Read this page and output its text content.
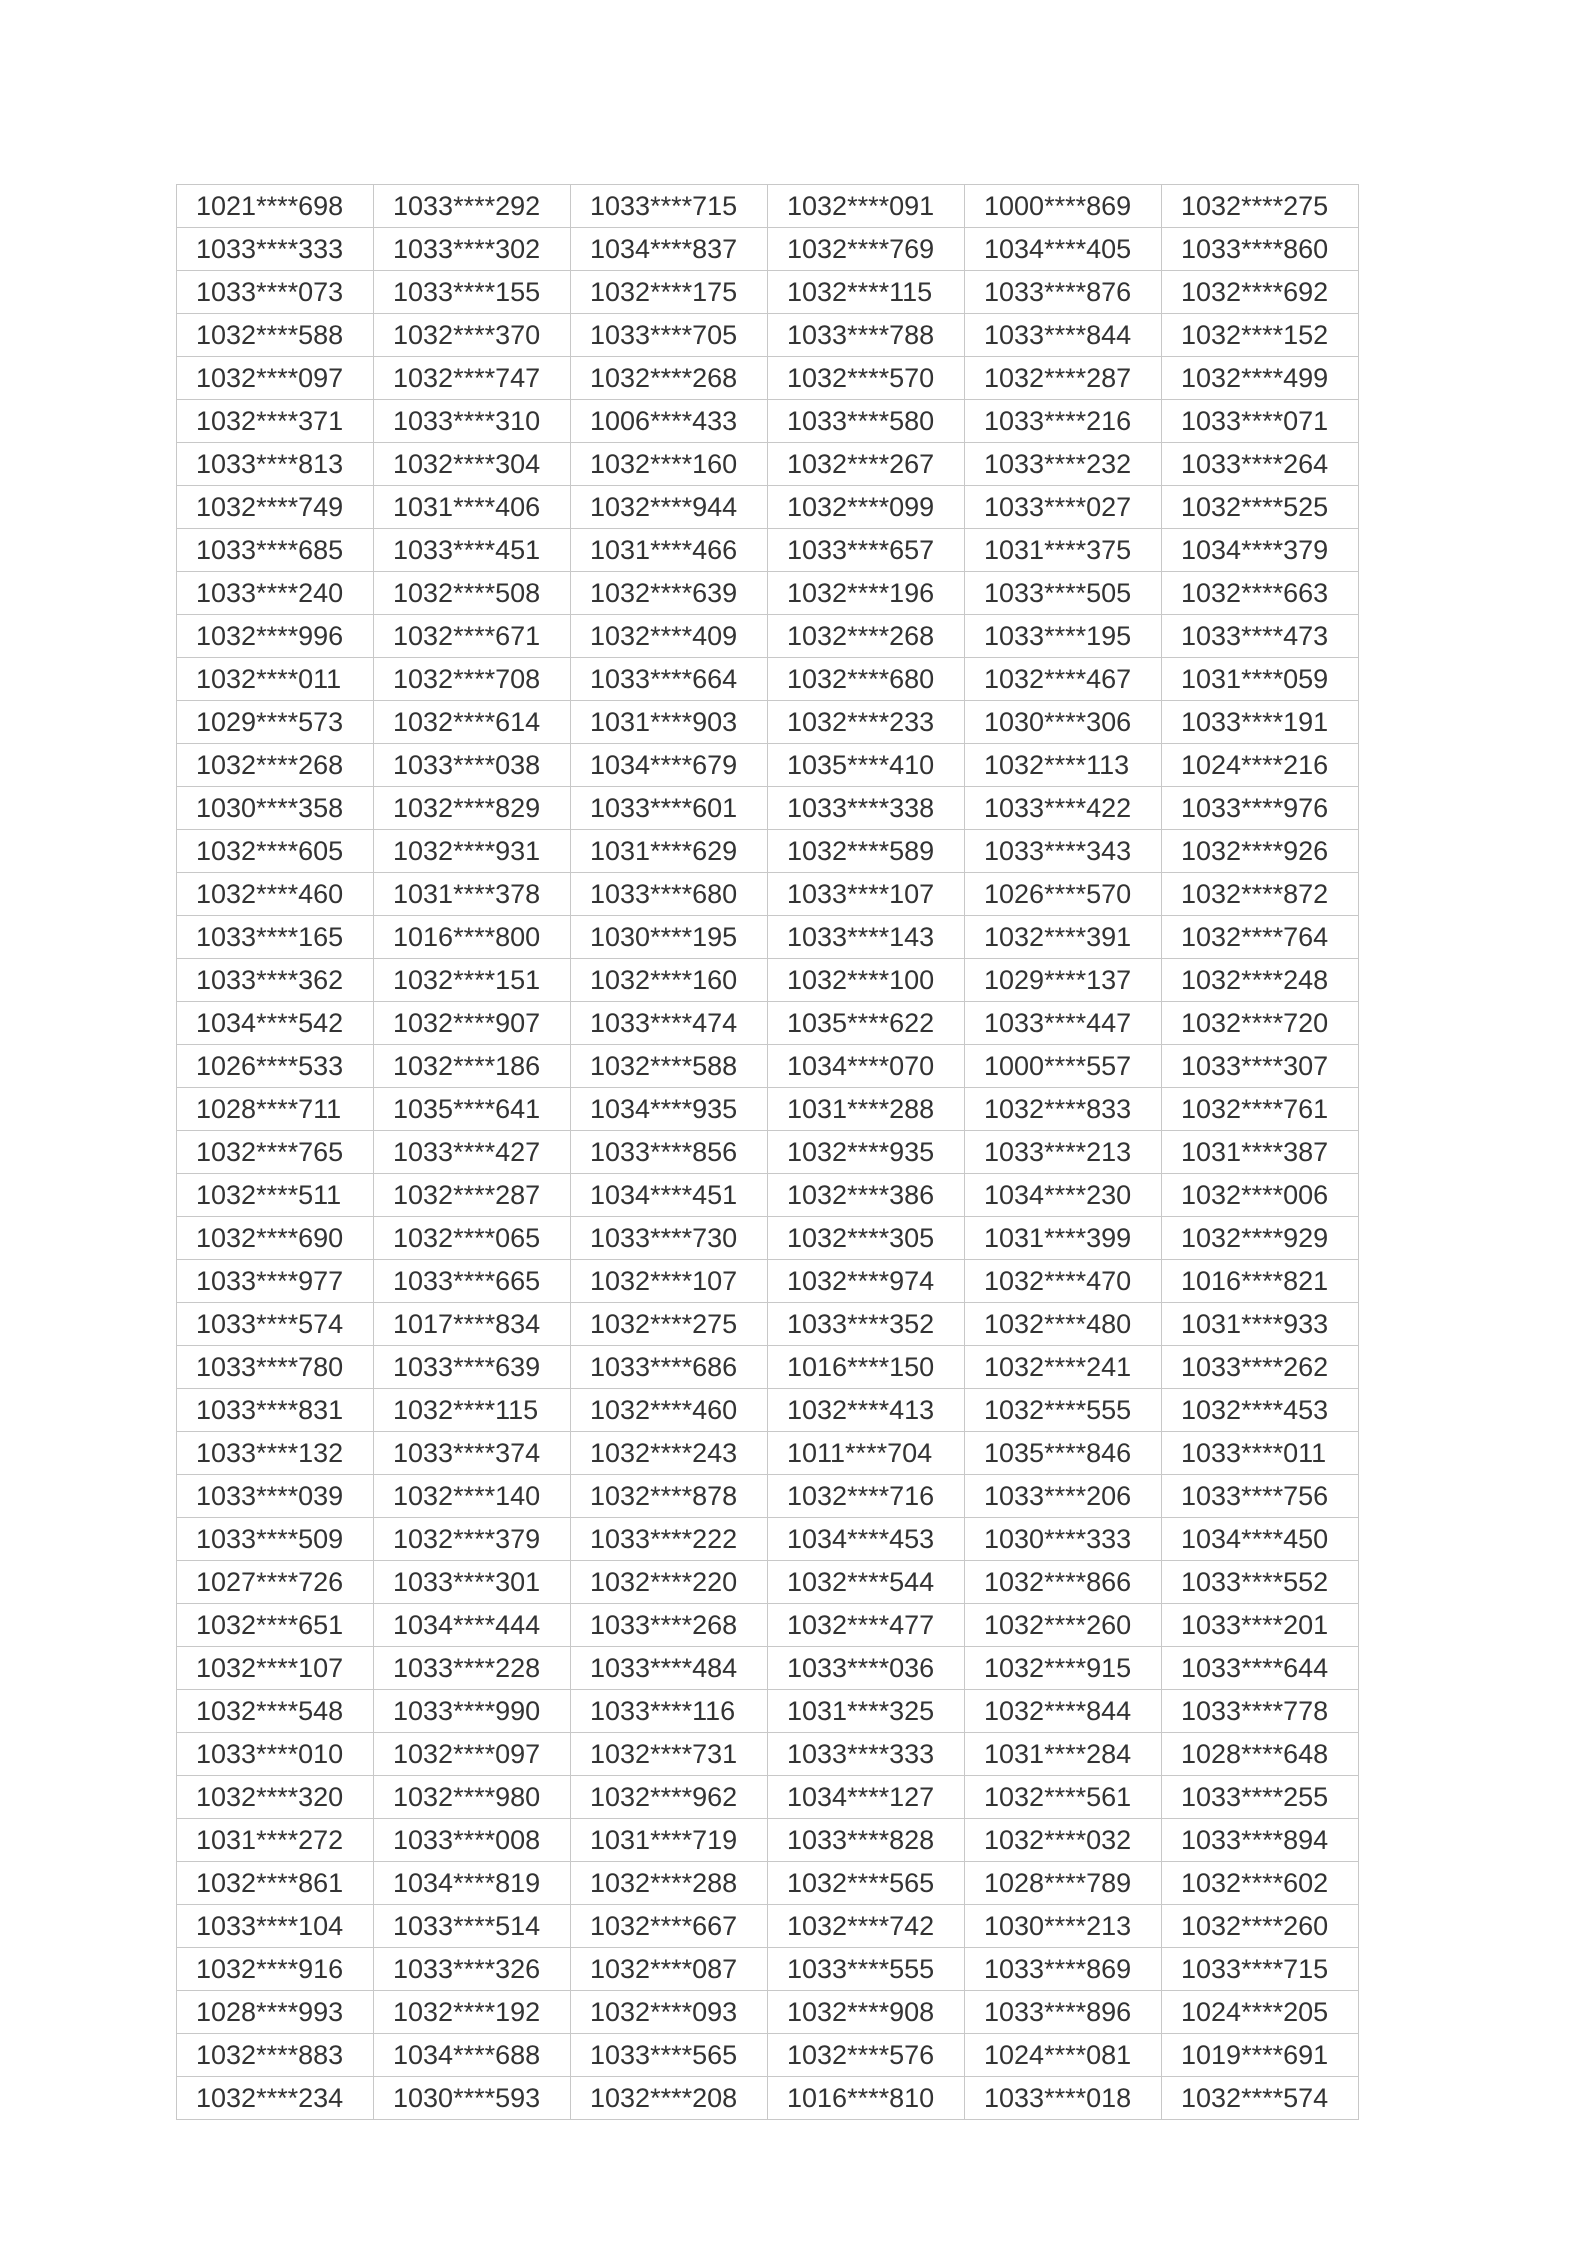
1021****698	1033****292	1033****715	1032****091	1000****869	1032****275
1033****333	1033****302	1034****837	1032****769	1034****405	1033****860
1033****073	1033****155	1032****175	1032****115	1033****876	1032****692
1032****588	1032****370	1033****705	1033****788	1033****844	1032****152
1032****097	1032****747	1032****268	1032****570	1032****287	1032****499
1032****371	1033****310	1006****433	1033****580	1033****216	1033****071
1033****813	1032****304	1032****160	1032****267	1033****232	1033****264
1032****749	1031****406	1032****944	1032****099	1033****027	1032****525
1033****685	1033****451	1031****466	1033****657	1031****375	1034****379
1033****240	1032****508	1032****639	1032****196	1033****505	1032****663
1032****996	1032****671	1032****409	1032****268	1033****195	1033****473
1032****011	1032****708	1033****664	1032****680	1032****467	1031****059
1029****573	1032****614	1031****903	1032****233	1030****306	1033****191
1032****268	1033****038	1034****679	1035****410	1032****113	1024****216
1030****358	1032****829	1033****601	1033****338	1033****422	1033****976
1032****605	1032****931	1031****629	1032****589	1033****343	1032****926
1032****460	1031****378	1033****680	1033****107	1026****570	1032****872
1033****165	1016****800	1030****195	1033****143	1032****391	1032****764
1033****362	1032****151	1032****160	1032****100	1029****137	1032****248
1034****542	1032****907	1033****474	1035****622	1033****447	1032****720
1026****533	1032****186	1032****588	1034****070	1000****557	1033****307
1028****711	1035****641	1034****935	1031****288	1032****833	1032****761
1032****765	1033****427	1033****856	1032****935	1033****213	1031****387
1032****511	1032****287	1034****451	1032****386	1034****230	1032****006
1032****690	1032****065	1033****730	1032****305	1031****399	1032****929
1033****977	1033****665	1032****107	1032****974	1032****470	1016****821
1033****574	1017****834	1032****275	1033****352	1032****480	1031****933
1033****780	1033****639	1033****686	1016****150	1032****241	1033****262
1033****831	1032****115	1032****460	1032****413	1032****555	1032****453
1033****132	1033****374	1032****243	1011****704	1035****846	1033****011
1033****039	1032****140	1032****878	1032****716	1033****206	1033****756
1033****509	1032****379	1033****222	1034****453	1030****333	1034****450
1027****726	1033****301	1032****220	1032****544	1032****866	1033****552
1032****651	1034****444	1033****268	1032****477	1032****260	1033****201
1032****107	1033****228	1033****484	1033****036	1032****915	1033****644
1032****548	1033****990	1033****116	1031****325	1032****844	1033****778
1033****010	1032****097	1032****731	1033****333	1031****284	1028****648
1032****320	1032****980	1032****962	1034****127	1032****561	1033****255
1031****272	1033****008	1031****719	1033****828	1032****032	1033****894
1032****861	1034****819	1032****288	1032****565	1028****789	1032****602
1033****104	1033****514	1032****667	1032****742	1030****213	1032****260
1032****916	1033****326	1032****087	1033****555	1033****869	1033****715
1028****993	1032****192	1032****093	1032****908	1033****896	1024****205
1032****883	1034****688	1033****565	1032****576	1024****081	1019****691
1032****234	1030****593	1032****208	1016****810	1033****018	1032****574
